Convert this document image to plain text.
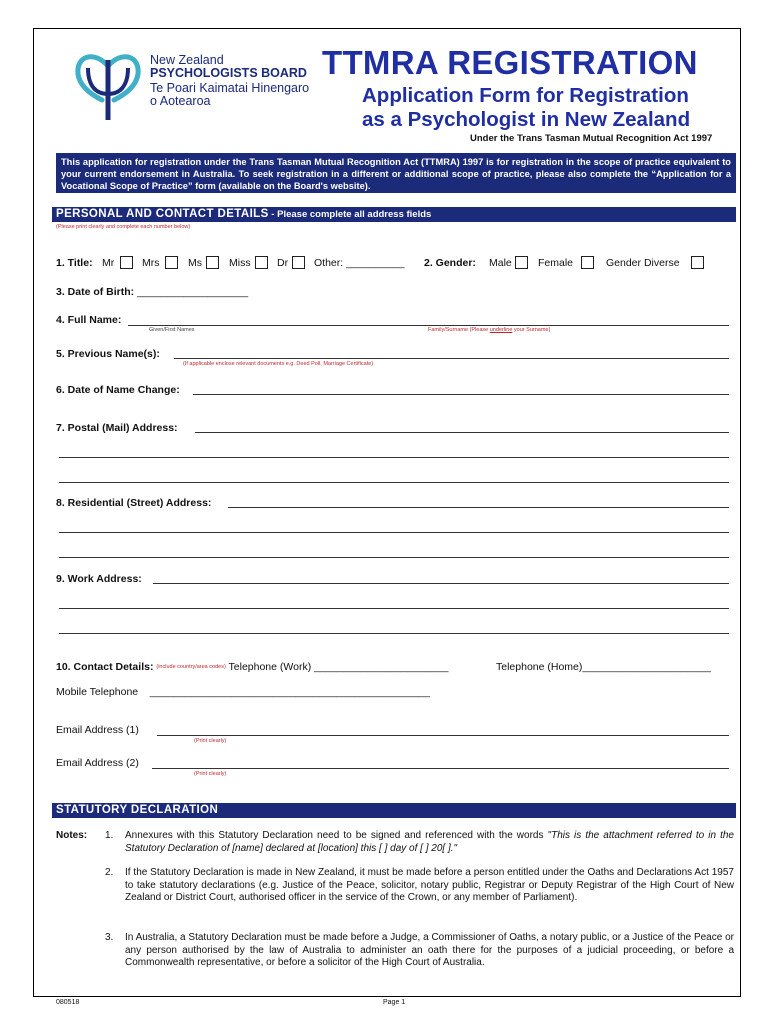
New Zealand
PSYCHOLOGISTS BOARD
Te Poari Kaimatai Hinengaro
o Aotearoa
TTMRA REGISTRATION
Application Form for Registration
as a Psychologist in New Zealand
Under the Trans Tasman Mutual Recognition Act 1997
This application for registration under the Trans Tasman Mutual Recognition Act (TTMRA) 1997 is for registration in the scope of practice equivalent to your current endorsement in Australia. To seek registration in a different or additional scope of practice, please also complete the “Application for a Vocational Scope of Practice” form (available on the Board's website).
PERSONAL AND CONTACT DETAILS - Please complete all address fields
(Please print clearly and complete each number below)
1. Title: Mr	Mrs	Ms	Miss	Dr Other: __________ 2. Gender: Male Female	Gender Diverse
3. Date of Birth: ___________________
4. Full Name:
Given/First Names	Family/Surname (Please underline your Surname)
5. Previous Name(s):
(If applicable enclose relevant documents e.g. Deed Poll, Marriage Certificate)
6. Date of Name Change:
7. Postal (Mail) Address:
8. Residential (Street) Address:
9. Work Address:
10. Contact Details: (include country/area codes) Telephone (Work) _______________________	Telephone (Home)______________________
Mobile Telephone ________________________________________________
Email Address (1)
(Print clearly)
Email Address (2)
(Print clearly)
STATUTORY DECLARATION
Notes: 1. Annexures with this Statutory Declaration need to be signed and referenced with the words "This is the attachment referred to in the Statutory Declaration of [name] declared at [location] this [ ] day of [ ] 20[ ]."
2. If the Statutory Declaration is made in New Zealand, it must be made before a person entitled under the Oaths and Declarations Act 1957 to take statutory declarations (e.g. Justice of the Peace, solicitor, notary public, Registrar or Deputy Registrar of the High Court of New Zealand or District Court, authorised officer in the service of the Crown, or any member of Parliament).
3. In Australia, a Statutory Declaration must be made before a Judge, a Commissioner of Oaths, a notary public, or a Justice of the Peace or any person authorised by the law of Australia to administer an oath there for the purposes of a judicial proceeding, or before a Commonwealth representative, or before a solicitor of the High Court of Australia.
080518	Page 1
